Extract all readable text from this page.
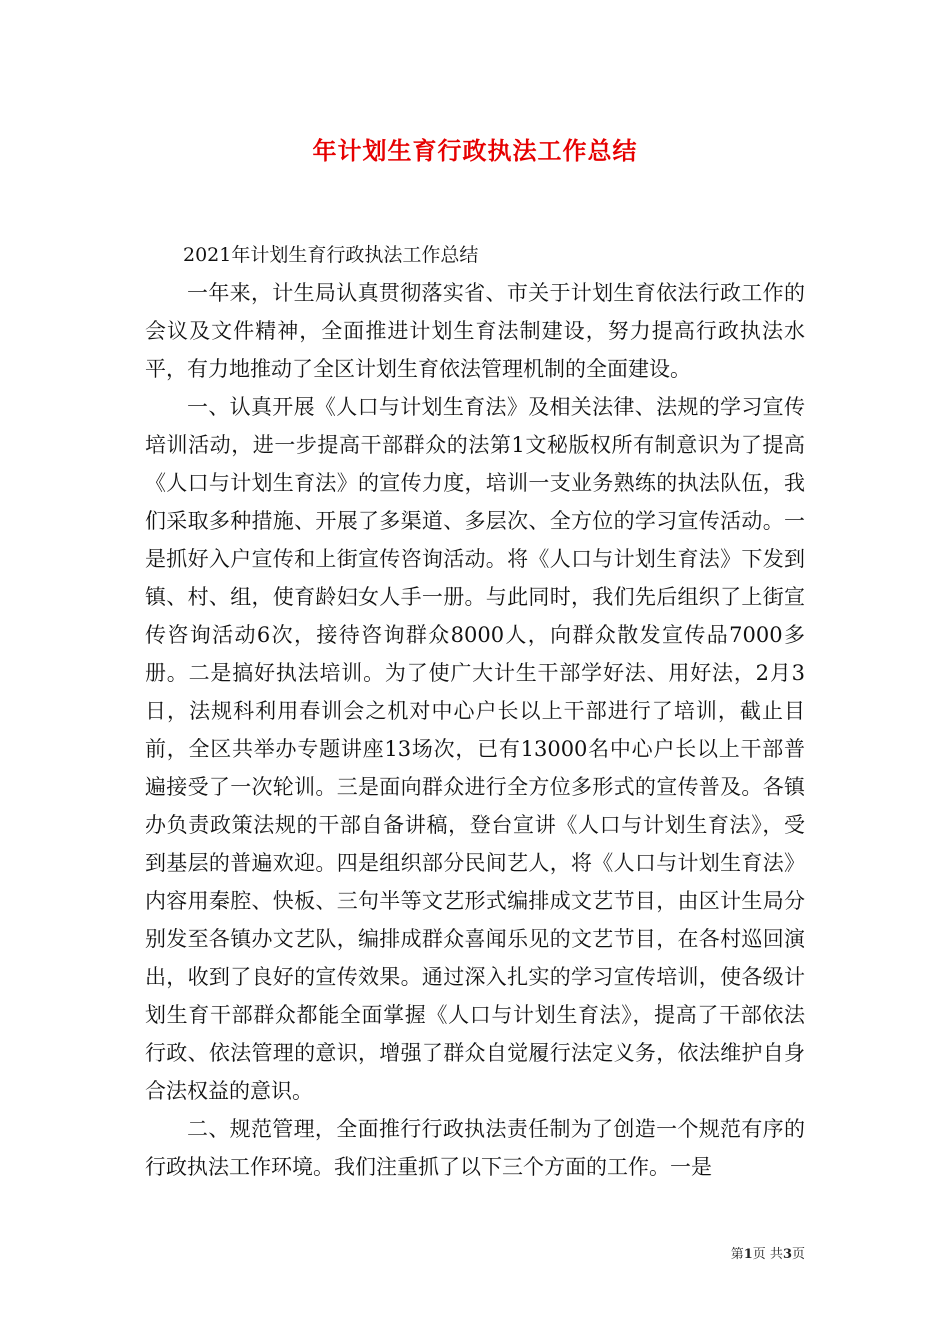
年计划生育行政执法工作总结

2021年计划生育行政执法工作总结

一年来，计生局认真贯彻落实省、市关于计划生育依法行政工作的会议及文件精神，全面推进计划生育法制建设，努力提高行政执法水平，有力地推动了全区计划生育依法管理机制的全面建设。

一、认真开展《人口与计划生育法》及相关法律、法规的学习宣传培训活动，进一步提高干部群众的法第1文秘版权所有制意识为了提高《人口与计划生育法》的宣传力度，培训一支业务熟练的执法队伍，我们采取多种措施、开展了多渠道、多层次、全方位的学习宣传活动。一是抓好入户宣传和上街宣传咨询活动。将《人口与计划生育法》下发到镇、村、组，使育龄妇女人手一册。与此同时，我们先后组织了上街宣传咨询活动6次，接待咨询群众8000人，向群众散发宣传品7000多册。二是搞好执法培训。为了使广大计生干部学好法、用好法，2月3日，法规科利用春训会之机对中心户长以上干部进行了培训，截止目前，全区共举办专题讲座13场次，已有13000名中心户长以上干部普遍接受了一次轮训。三是面向群众进行全方位多形式的宣传普及。各镇办负责政策法规的干部自备讲稿，登台宣讲《人口与计划生育法》，受到基层的普遍欢迎。四是组织部分民间艺人，将《人口与计划生育法》内容用秦腔、快板、三句半等文艺形式编排成文艺节目，由区计生局分别发至各镇办文艺队，编排成群众喜闻乐见的文艺节目，在各村巡回演出，收到了良好的宣传效果。通过深入扎实的学习宣传培训，使各级计划生育干部群众都能全面掌握《人口与计划生育法》，提高了干部依法行政、依法管理的意识，增强了群众自觉履行法定义务，依法维护自身合法权益的意识。

二、规范管理，全面推行行政执法责任制为了创造一个规范有序的行政执法工作环境。我们注重抓了以下三个方面的工作。一是

第1页 共3页
